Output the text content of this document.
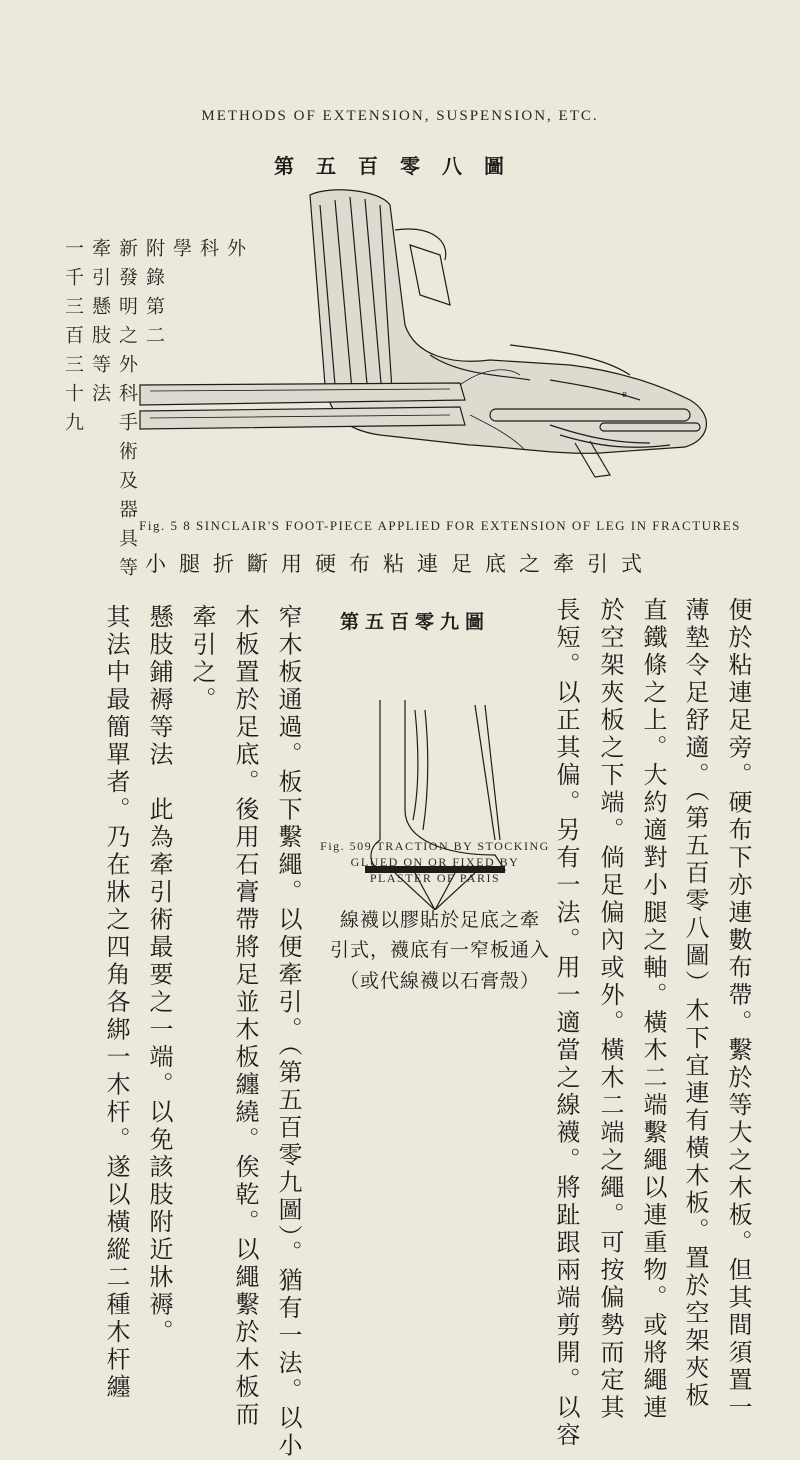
METHODS OF EXTENSION, SUSPENSION, ETC.
第五百零八圖
外
科
學
附錄第二
新發明之外科手術及器具等
牽引懸肢等法
一千三百三十九	e
Fig. 5 8 SINCLAIR'S FOOT-PIECE APPLIED FOR EXTENSION OF LEG IN FRACTURES
小腿折斷用硬布粘連足底之牽引式
便於粘連足旁。硬布下亦連數布帶。繫於等大之木板。但其間須置一
薄墊令足舒適。（第五百零八圖）木下宜連有橫木板。置於空架夾板
直鐵條之上。大約適對小腿之軸。橫木二端繫繩以連重物。或將繩連
於空架夾板之下端。倘足偏內或外。橫木二端之繩。可按偏勢而定其
長短。以正其偏。另有一法。用一適當之線襪。將趾跟兩端剪開。以容
第五百零九圖
Fig. 509 TRACTION BY STOCKING
GLUED ON OR FIXED BY
PLASTER OF PARIS
線襪以膠貼於足底之牽
引式，襪底有一窄板通入
（或代線襪以石膏殼）
窄木板通過。板下繫繩。以便牽引。（第五百零九圖）。猶有一法。以小
木板置於足底。後用石膏帶將足並木板纏繞。俟乾。以繩繫於木板而
牽引之。
懸肢鋪褥等法　此為牽引術最要之一端。以免該肢附近牀褥。
其法中最簡單者。乃在牀之四角各綁一木杆。遂以橫縱二種木杆纏
